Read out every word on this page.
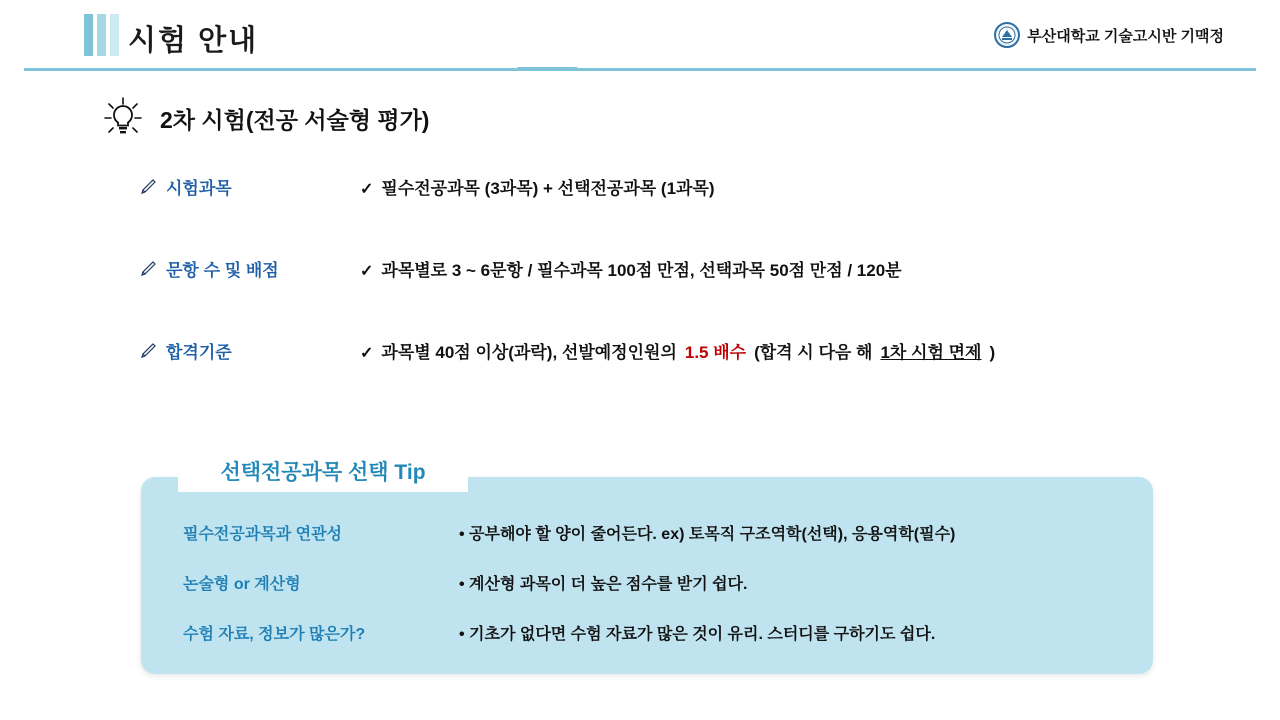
시험 안내	부산대학교 기술고시반 기맥정
2차 시험(전공 서술형 평가)
시험과목	✓ 필수전공과목 (3과목) + 선택전공과목 (1과목)
문항 수 및 배점	✓ 과목별로 3 ~ 6문항 / 필수과목 100점 만점, 선택과목 50점 만점 / 120분
합격기준	✓ 과목별 40점 이상(과락), 선발예정인원의 1.5 배수 (합격 시 다음 해 1차 시험 면제 )
필수전공과목과 연관성	• 공부해야 할 양이 줄어든다. ex) 토목직 구조역학(선택), 응용역학(필수)
논술형 or 계산형	• 계산형 과목이 더 높은 점수를 받기 쉽다.
수험 자료, 정보가 많은가?	• 기초가 없다면 수험 자료가 많은 것이 유리. 스터디를 구하기도 쉽다.
선택전공과목 선택 Tip
